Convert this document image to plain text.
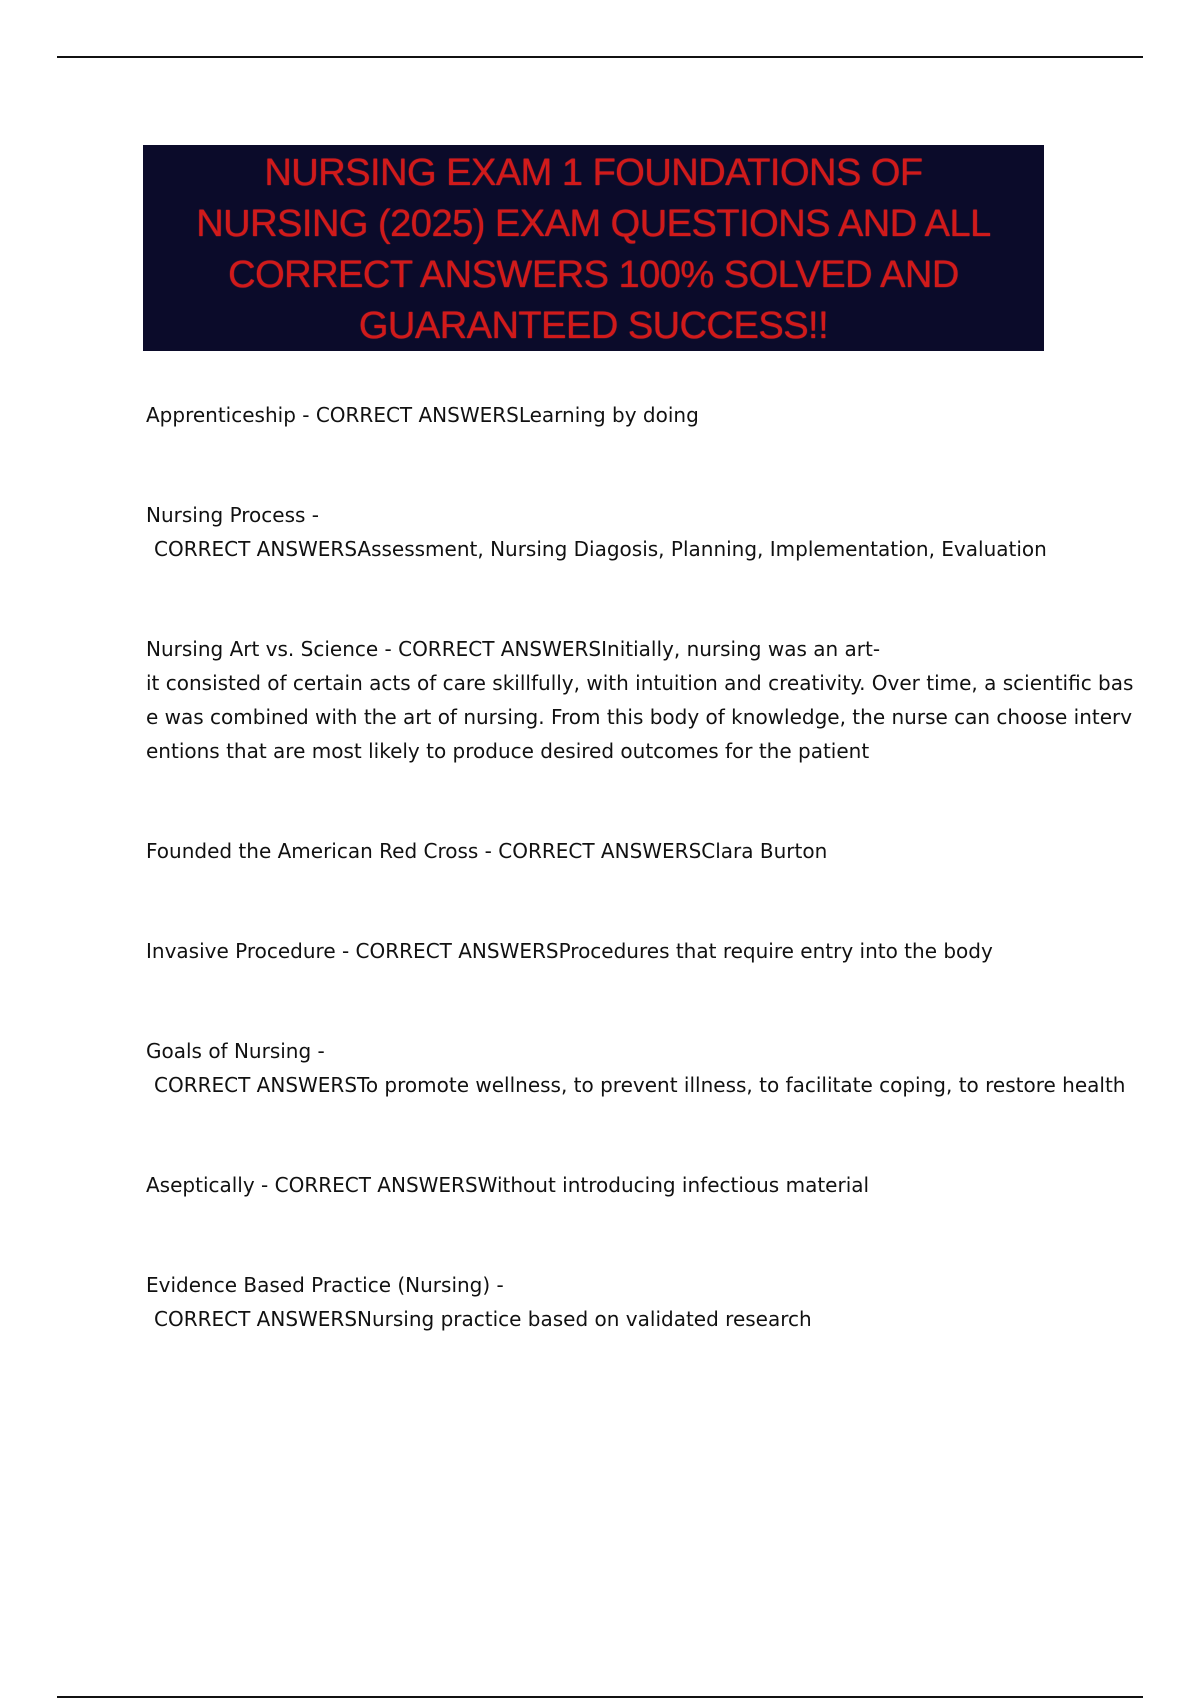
NURSING EXAM 1 FOUNDATIONS OF
NURSING (2025) EXAM QUESTIONS AND ALL
CORRECT ANSWERS 100% SOLVED AND
GUARANTEED SUCCESS!!
Apprenticeship - CORRECT ANSWERSLearning by doing
Nursing Process -
CORRECT ANSWERSAssessment, Nursing Diagosis, Planning, Implementation, Evaluation
Nursing Art vs. Science - CORRECT ANSWERSInitially, nursing was an art-
it consisted of certain acts of care skillfully, with intuition and creativity. Over time, a scientific bas
e was combined with the art of nursing. From this body of knowledge, the nurse can choose interv
entions that are most likely to produce desired outcomes for the patient
Founded the American Red Cross - CORRECT ANSWERSClara Burton
Invasive Procedure - CORRECT ANSWERSProcedures that require entry into the body
Goals of Nursing -
CORRECT ANSWERSTo promote wellness, to prevent illness, to facilitate coping, to restore health
Aseptically - CORRECT ANSWERSWithout introducing infectious material
Evidence Based Practice (Nursing) -
CORRECT ANSWERSNursing practice based on validated research
